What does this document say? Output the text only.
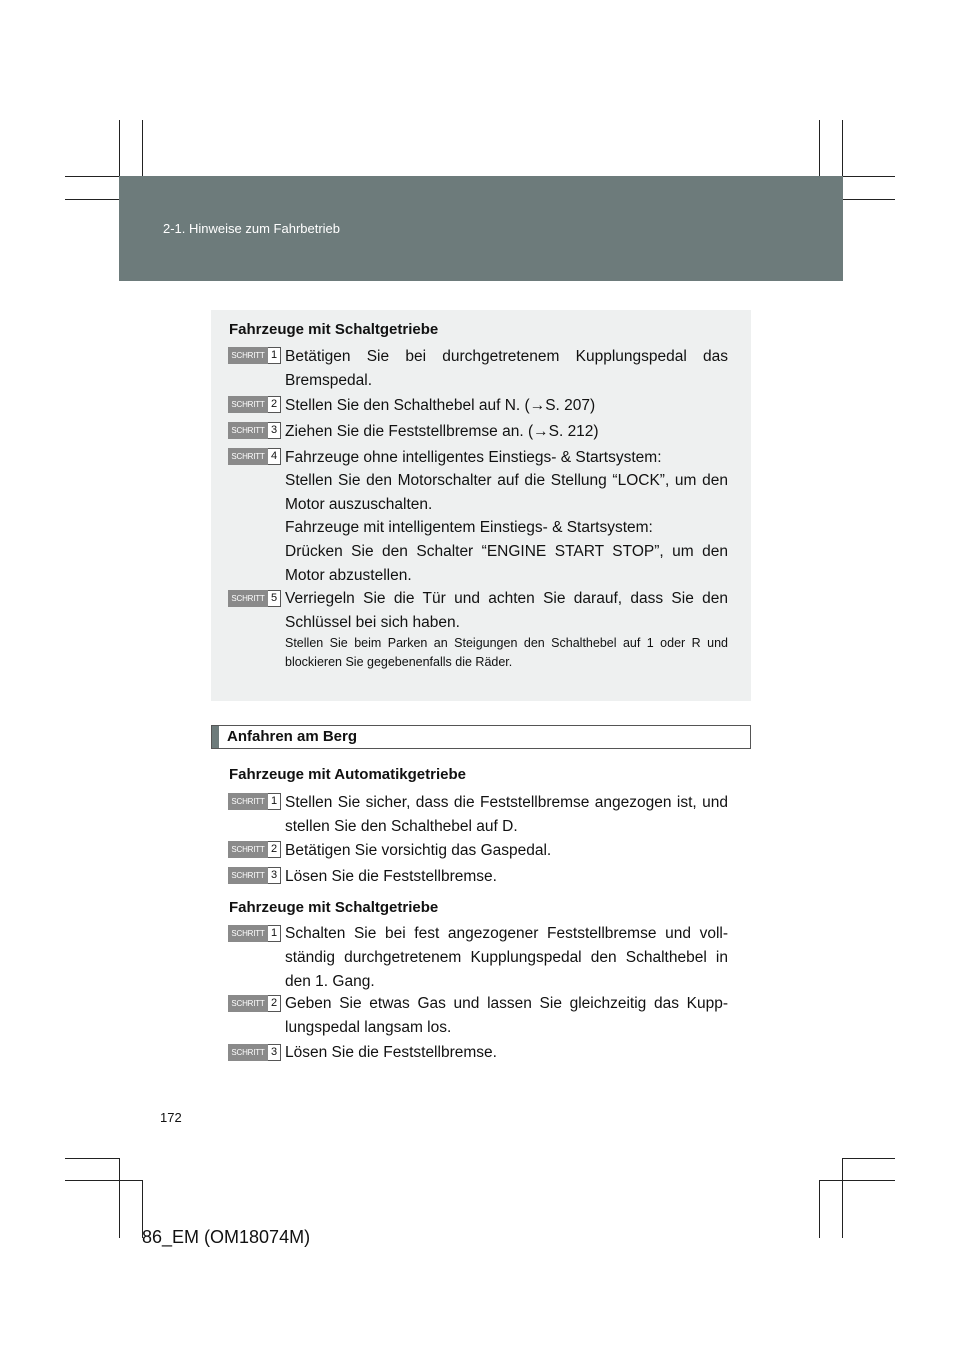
2-1. Hinweise zum Fahrbetrieb
Fahrzeuge mit Schaltgetriebe
SCHRITT 1 Betätigen Sie bei durchgetretenem Kupplungspedal das Bremspedal.
SCHRITT 2 Stellen Sie den Schalthebel auf N. (→S. 207)
SCHRITT 3 Ziehen Sie die Feststellbremse an. (→S. 212)
SCHRITT 4 Fahrzeuge ohne intelligentes Einstiegs- & Startsystem:
Stellen Sie den Motorschalter auf die Stellung “LOCK”, um den Motor auszuschalten.
Fahrzeuge mit intelligentem Einstiegs- & Startsystem:
Drücken Sie den Schalter “ENGINE START STOP”, um den Motor abzustellen.
SCHRITT 5 Verriegeln Sie die Tür und achten Sie darauf, dass Sie den Schlüssel bei sich haben.
Stellen Sie beim Parken an Steigungen den Schalthebel auf 1 oder R und blockieren Sie gegebenenfalls die Räder.
Anfahren am Berg
Fahrzeuge mit Automatikgetriebe
SCHRITT 1 Stellen Sie sicher, dass die Feststellbremse angezogen ist, und stellen Sie den Schalthebel auf D.
SCHRITT 2 Betätigen Sie vorsichtig das Gaspedal.
SCHRITT 3 Lösen Sie die Feststellbremse.
Fahrzeuge mit Schaltgetriebe
SCHRITT 1 Schalten Sie bei fest angezogener Feststellbremse und voll-ständig durchgetretenem Kupplungspedal den Schalthebel in den 1. Gang.
SCHRITT 2 Geben Sie etwas Gas und lassen Sie gleichzeitig das Kupp-lungspedal langsam los.
SCHRITT 3 Lösen Sie die Feststellbremse.
172
86_EM (OM18074M)
